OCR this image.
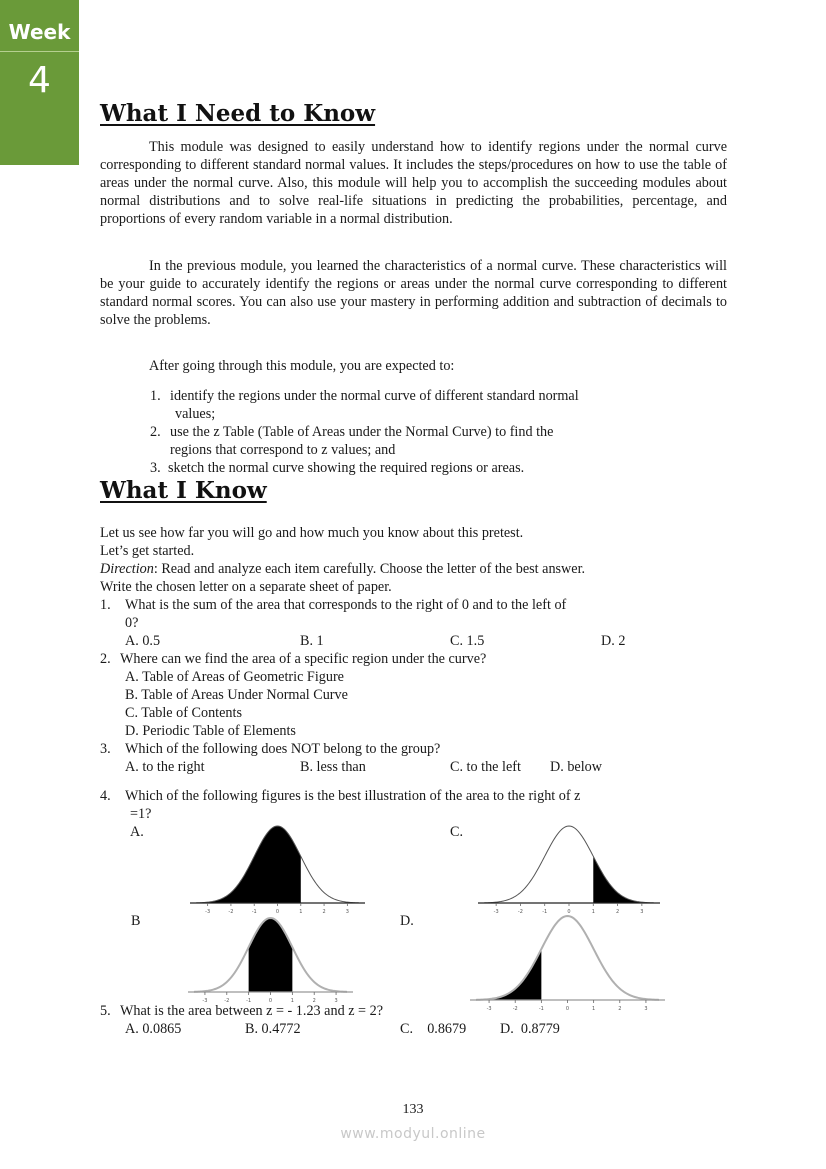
Week
4
What I Need to Know
This module was designed to easily understand how to identify regions under the normal curve corresponding to different standard normal values. It includes the steps/procedures on how to use the table of areas under the normal curve. Also, this module will help you to accomplish the succeeding modules about normal distributions and to solve real-life situations in predicting the probabilities, percentage, and proportions of every random variable in a normal distribution.
In the previous module, you learned the characteristics of a normal curve. These characteristics will be your guide to accurately identify the regions or areas under the normal curve corresponding to different standard normal scores. You can also use your mastery in performing addition and subtraction of decimals to solve the problems.
After going through this module, you are expected to:
1. identify the regions under the normal curve of different standard normal
values;
2. use the z Table (Table of Areas under the Normal Curve) to find the
regions that correspond to z values; and
3. sketch the normal curve showing the required regions or areas.
What I Know
Let us see how far you will go and how much you know about this pretest.
Let’s get started.
Direction: Read and analyze each item carefully. Choose the letter of the best answer.
Write the chosen letter on a separate sheet of paper.
1. What is the sum of the area that corresponds to the right of 0 and to the left of
0?
A. 0.5	B. 1	C. 1.5	D. 2
2. Where can we find the area of a specific region under the curve?
A. Table of Areas of Geometric Figure
B. Table of Areas Under Normal Curve
C. Table of Contents
D. Periodic Table of Elements
3. Which of the following does NOT belong to the group?
A. to the right	B. less than	C. to the left D. below
4. Which of the following figures is the best illustration of the area to the right of z
=1?
A.
B
C.
D.
-3	-2	-1	0	1	2	3	-3	-2	-1	0	1	2	3
-3	-2	-1	0	1	2	3
-3	-2	-1	0	1	2	3
5. What is the area between z = - 1.23 and z = 2?
A. 0.0865	B. 0.4772	C.    0.8679 D.  0.8779
133
www.modyul.online
